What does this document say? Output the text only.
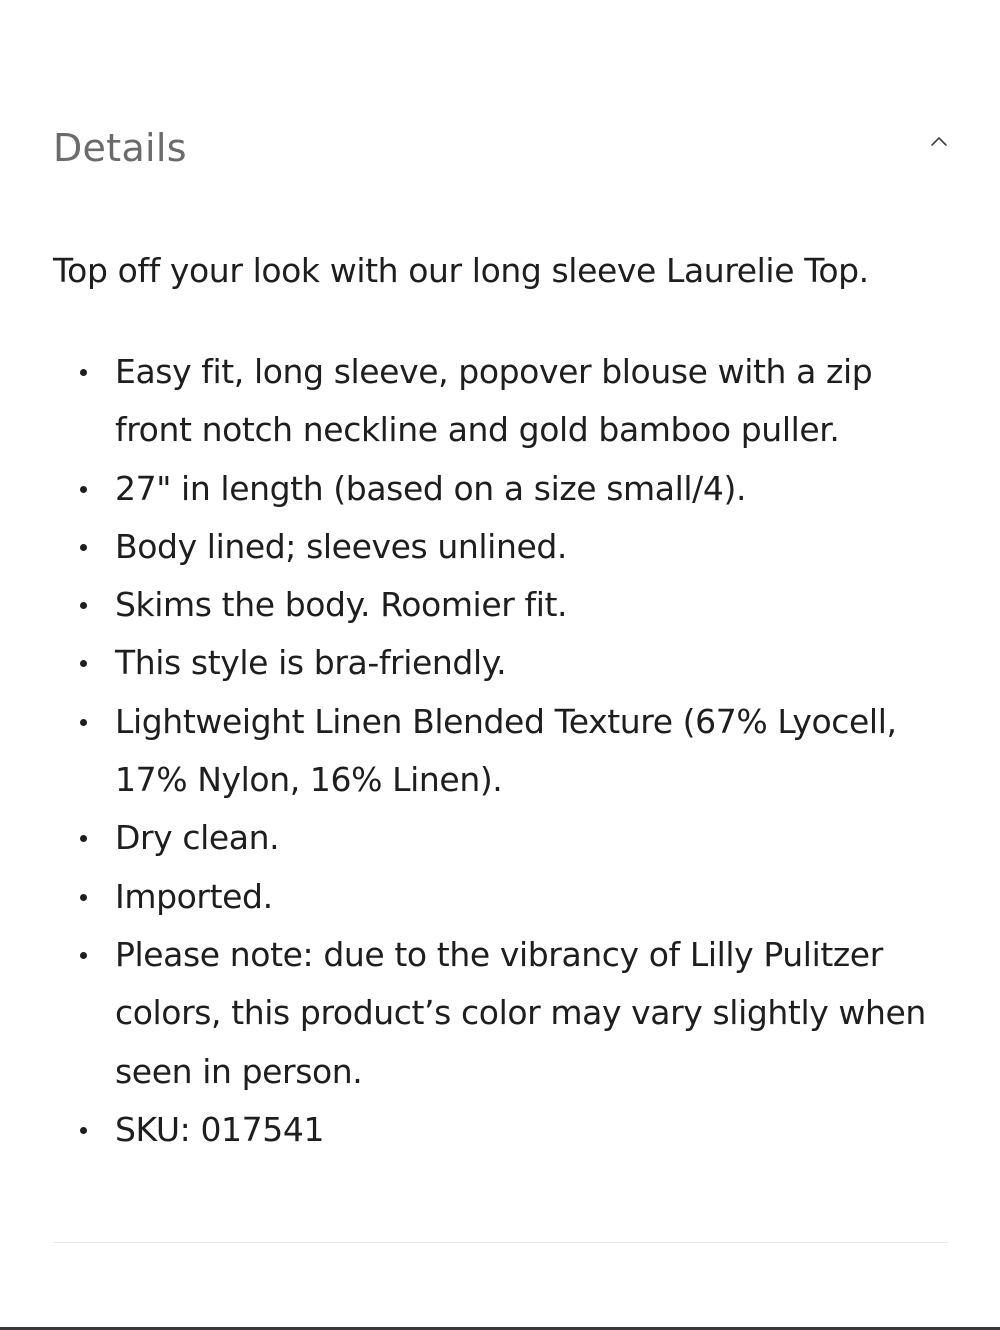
Details

Top off your look with our long sleeve Laurelie Top.

Easy fit, long sleeve, popover blouse with a zip front notch neckline and gold bamboo puller.
27" in length (based on a size small/4).
Body lined; sleeves unlined.
Skims the body. Roomier fit.
This style is bra-friendly.
Lightweight Linen Blended Texture (67% Lyocell, 17% Nylon, 16% Linen).
Dry clean.
Imported.
Please note: due to the vibrancy of Lilly Pulitzer colors, this product’s color may vary slightly when seen in person.
SKU: 017541
